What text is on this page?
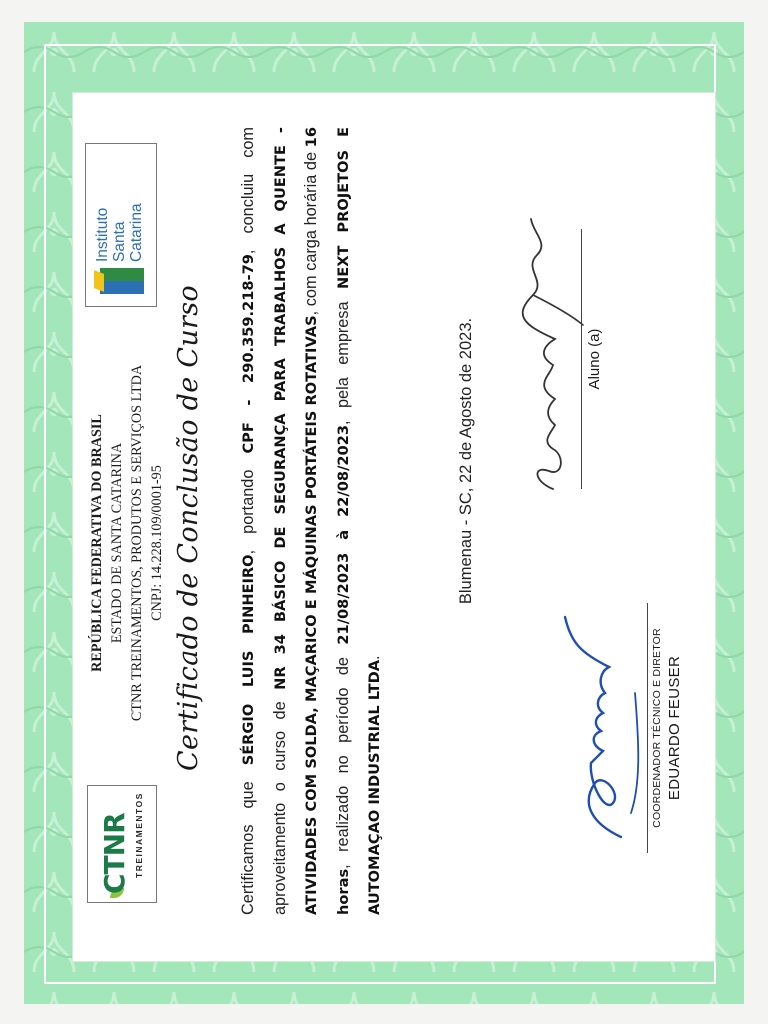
CTNR TREINAMENTOS
REPÚBLICA FEDERATIVA DO BRASIL ESTADO DE SANTA CATARINA CTNR TREINAMENTOS, PRODUTOS E SERVIÇOS LTDA CNPJ: 14.228.109/0001-95
Instituto Santa Catarina
Certificado de Conclusão de Curso
Certificamos que SÉRGIO LUIS PINHEIRO, portando CPF - 290.359.218-79, concluiu com aproveitamento o curso de NR 34 BÁSICO DE SEGURANÇA PARA TRABALHOS A QUENTE - ATIVIDADES COM SOLDA, MAÇARICO E MÁQUINAS PORTÁTEIS ROTATIVAS, com carga horária de 16 horas, realizado no período de 21/08/2023 à 22/08/2023, pela empresa NEXT PROJETOS E AUTOMAÇAO INDUSTRIAL LTDA.
Blumenau - SC, 22 de Agosto de 2023.
COORDENADOR TÉCNICO E DIRETOR EDUARDO FEUSER
Aluno (a)
